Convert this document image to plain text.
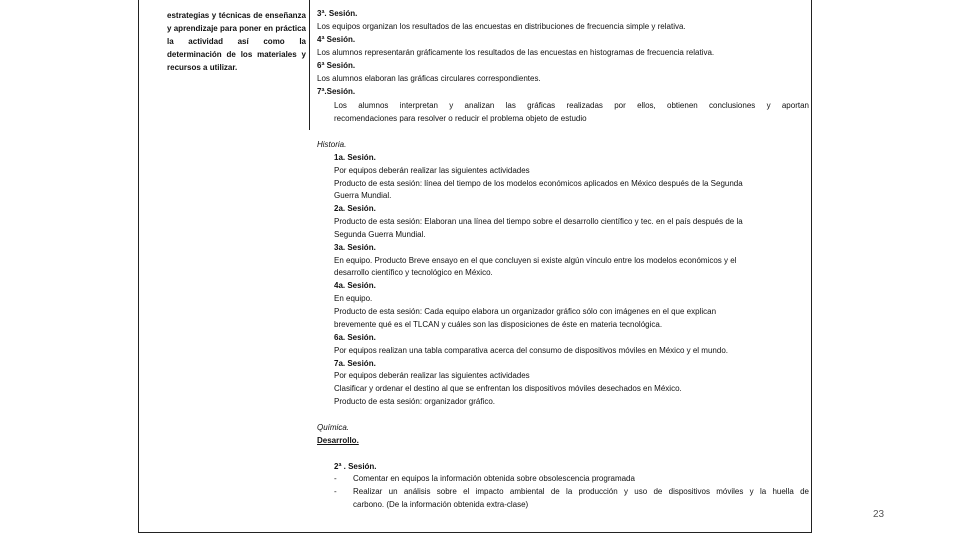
estrategias y técnicas de enseñanza y aprendizaje para poner en práctica la actividad así como la determinación de los materiales y recursos a utilizar.
3ª. Sesión.
Los equipos organizan los resultados de las encuestas en distribuciones de frecuencia simple y relativa.
4ª Sesión.
Los alumnos representarán gráficamente los resultados de las encuestas en histogramas de frecuencia relativa.
6ª Sesión.
Los alumnos elaboran las gráficas circulares correspondientes.
7ª.Sesión.
Los alumnos interpretan y analizan las gráficas realizadas por ellos, obtienen conclusiones y aportan
recomendaciones para resolver o reducir el problema objeto de estudio
Historia.
1a. Sesión.
Por equipos deberán realizar las siguientes actividades
Producto de esta sesión: línea del tiempo de los modelos económicos aplicados en México después de la Segunda
Guerra Mundial.
2a. Sesión.
Producto de esta sesión: Elaboran una línea del tiempo sobre el desarrollo científico y tec. en el país después de la
Segunda Guerra Mundial.
3a. Sesión.
En equipo. Producto Breve ensayo en el que concluyen si existe algún vínculo entre los modelos económicos y el
desarrollo científico y tecnológico en México.
4a. Sesión.
En equipo.
Producto de esta sesión: Cada equipo elabora un organizador gráfico sólo con imágenes en el que explican
brevemente qué es el TLCAN y cuáles son las disposiciones de éste en materia tecnológica.
6a. Sesión.
Por equipos realizan una tabla comparativa acerca del consumo de dispositivos móviles en México y el mundo.
7a. Sesión.
Por equipos deberán realizar las siguientes actividades
Clasificar y ordenar el destino al que se enfrentan los dispositivos móviles desechados en México.
Producto de esta sesión: organizador gráfico.
Química.
Desarrollo.
2ª . Sesión.
- Comentar en equipos la información obtenida sobre obsolescencia programada
- Realizar un análisis sobre el impacto ambiental de la producción y uso de dispositivos móviles y la huella de
carbono. (De la información obtenida extra-clase)
23
